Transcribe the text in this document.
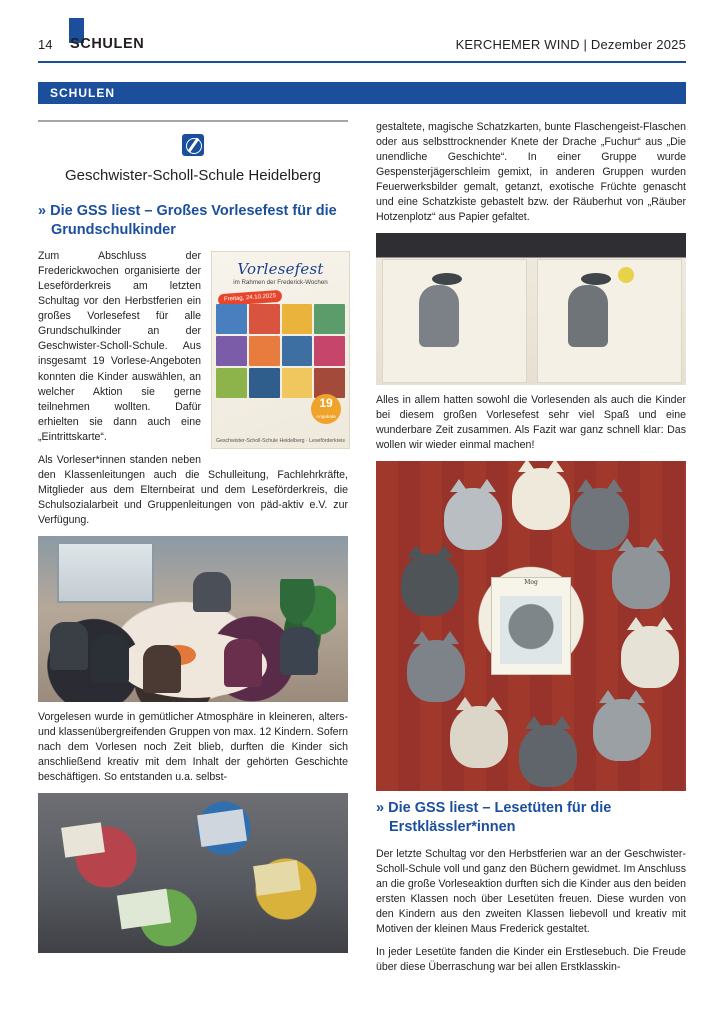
14 SCHULEN	KERCHEMER WIND | Dezember 2025
SCHULEN
Geschwister-Scholl-Schule Heidelberg
» Die GSS liest – Großes Vorlesefest für die Grundschulkinder
Vorlesefest
im Rahmen der Frederick-Wochen
Freitag, 24.10.2025
19
Angebote
Geschwister-Scholl-Schule Heidelberg · Leseförderkreis

Zum Abschluss der Frederickwochen organisierte der Leseförderkreis am letzten Schultag vor den Herbstferien ein großes Vorlesefest für alle Grundschulkinder an der Geschwister-Scholl-Schule. Aus insgesamt 19 Vorlese-Angeboten konnten die Kinder auswählen, an welcher Aktion sie gerne teilnehmen wollten. Dafür erhielten sie dann auch eine „Eintrittskarte“.

Als Vorleser*innen standen neben den Klassenleitungen auch die Schulleitung, Fachlehrkräfte, Mitglieder aus dem Elternbeirat und dem Leseförderkreis, die Schulsozialarbeit und Gruppenleitungen von päd-aktiv e.V. zur Verfügung.

Vorgelesen wurde in gemütlicher Atmosphäre in kleineren, alters- und klassenübergreifenden Gruppen von max. 12 Kindern. Sofern nach dem Vorlesen noch Zeit blieb, durften die Kinder sich anschließend kreativ mit dem Inhalt der gehörten Geschichte beschäftigen. So entstanden u.a. selbst-

gestaltete, magische Schatzkarten, bunte Flaschengeist-Flaschen oder aus selbsttrocknender Knete der Drache „Fuchur“ aus „Die unendliche Geschichte“. In einer Gruppe wurde Gespensterjägerschleim gemixt, in anderen Gruppen wurden Feuerwerksbilder gemalt, getanzt, exotische Früchte genascht und eine Schatzkiste gebastelt bzw. der Räuberhut von „Räuber Hotzenplotz“ aus Papier gefaltet.

Alles in allem hatten sowohl die Vorlesenden als auch die Kinder bei diesem großen Vorlesefest sehr viel Spaß und eine wunderbare Zeit zusammen. Als Fazit war ganz schnell klar: Das wollen wir wieder einmal machen!

Mog
» Die GSS liest – Lesetüten für die Erstklässler*innen

Der letzte Schultag vor den Herbstferien war an der Geschwister-Scholl-Schule voll und ganz den Büchern gewidmet. Im Anschluss an die große Vorleseaktion durften sich die Kinder aus den beiden ersten Klassen noch über Lesetüten freuen. Diese wurden von den Kindern aus den zweiten Klassen liebevoll und kreativ mit Motiven der kleinen Maus Frederick gestaltet.

In jeder Lesetüte fanden die Kinder ein Erstlesebuch. Die Freude über diese Überraschung war bei allen Erstklasskin-
